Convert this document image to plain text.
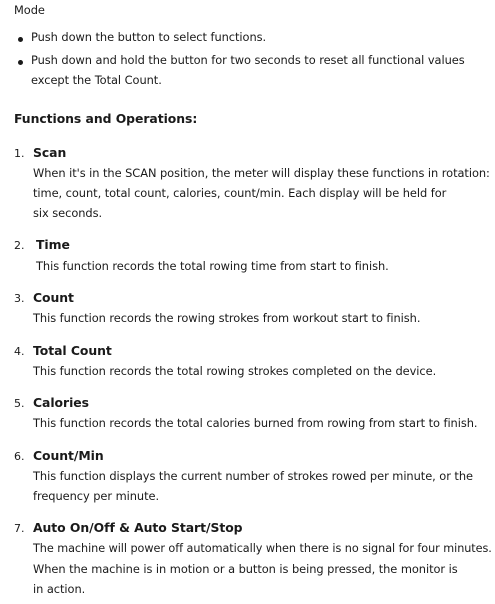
Mode
Push down the button to select functions.
Push down and hold the button for two seconds to reset all functional values
except the Total Count.
Functions and Operations:
1. Scan
When it's in the SCAN position, the meter will display these functions in rotation:
time, count, total count, calories, count/min. Each display will be held for
six seconds.
2. Time
This function records the total rowing time from start to finish.
3. Count
This function records the rowing strokes from workout start to finish.
4. Total Count
This function records the total rowing strokes completed on the device.
5. Calories
This function records the total calories burned from rowing from start to finish.
6. Count/Min
This function displays the current number of strokes rowed per minute, or the
frequency per minute.
7. Auto On/Off & Auto Start/Stop
The machine will power off automatically when there is no signal for four minutes.
When the machine is in motion or a button is being pressed, the monitor is
in action.
